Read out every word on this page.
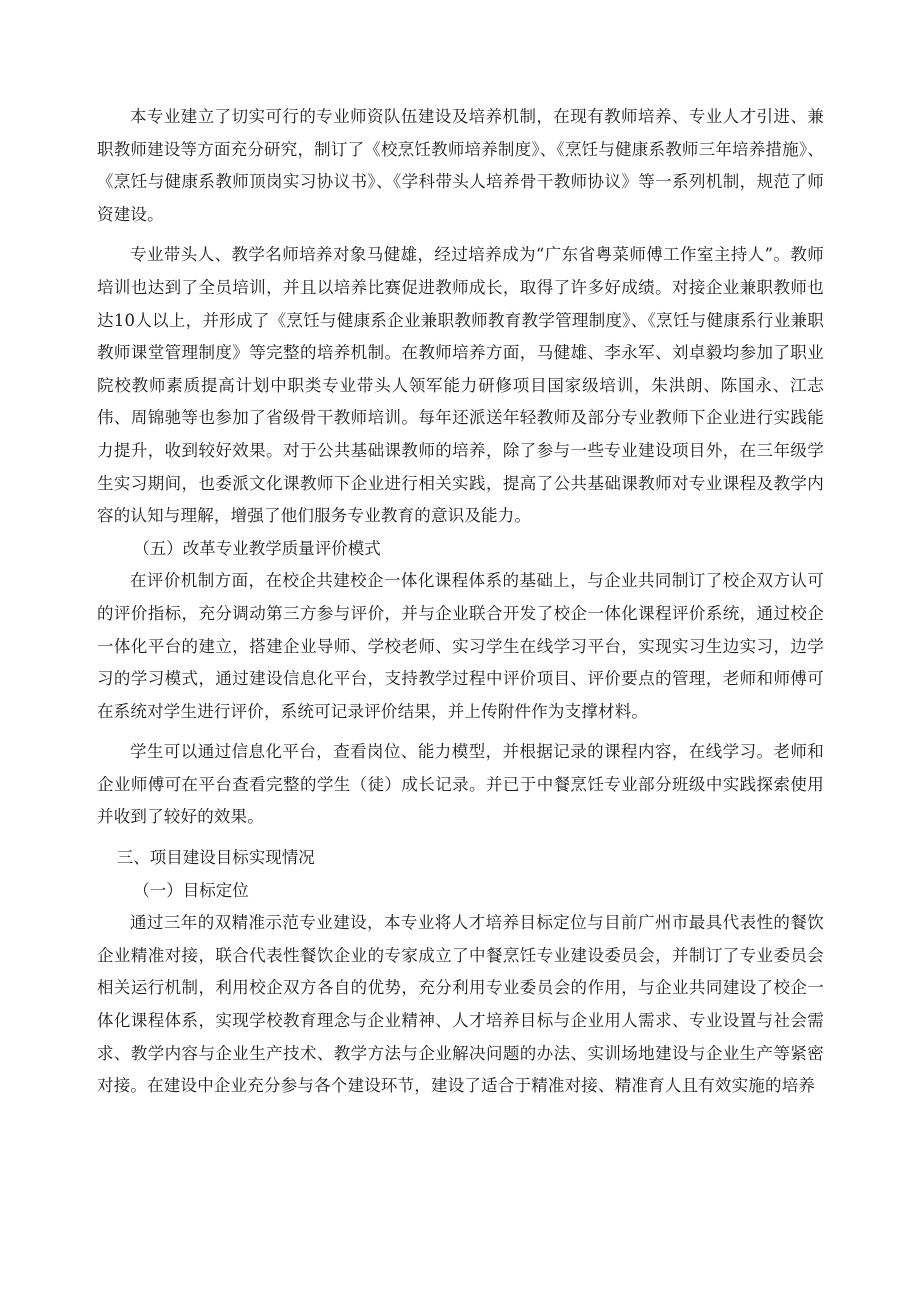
本专业建立了切实可行的专业师资队伍建设及培养机制，在现有教师培养、专业人才引进、兼职教师建设等方面充分研究，制订了《校烹饪教师培养制度》、《烹饪与健康系教师三年培养措施》、《烹饪与健康系教师顶岗实习协议书》、《学科带头人培养骨干教师协议》等一系列机制，规范了师资建设。

专业带头人、教学名师培养对象马健雄，经过培养成为“广东省粤菜师傅工作室主持人”。教师培训也达到了全员培训，并且以培养比赛促进教师成长，取得了许多好成绩。对接企业兼职教师也达10人以上，并形成了《烹饪与健康系企业兼职教师教育教学管理制度》、《烹饪与健康系行业兼职教师课堂管理制度》等完整的培养机制。在教师培养方面，马健雄、李永军、刘卓毅均参加了职业院校教师素质提高计划中职类专业带头人领军能力研修项目国家级培训，朱洪朗、陈国永、江志伟、周锦驰等也参加了省级骨干教师培训。每年还派送年轻教师及部分专业教师下企业进行实践能力提升，收到较好效果。对于公共基础课教师的培养，除了参与一些专业建设项目外，在三年级学生实习期间，也委派文化课教师下企业进行相关实践，提高了公共基础课教师对专业课程及教学内容的认知与理解，增强了他们服务专业教育的意识及能力。

（五）改革专业教学质量评价模式

在评价机制方面，在校企共建校企一体化课程体系的基础上，与企业共同制订了校企双方认可的评价指标，充分调动第三方参与评价，并与企业联合开发了校企一体化课程评价系统，通过校企一体化平台的建立，搭建企业导师、学校老师、实习学生在线学习平台，实现实习生边实习，边学习的学习模式，通过建设信息化平台，支持教学过程中评价项目、评价要点的管理，老师和师傅可在系统对学生进行评价，系统可记录评价结果，并上传附件作为支撑材料。

学生可以通过信息化平台，查看岗位、能力模型，并根据记录的课程内容，在线学习。老师和企业师傅可在平台查看完整的学生（徒）成长记录。并已于中餐烹饪专业部分班级中实践探索使用并收到了较好的效果。

三、项目建设目标实现情况
（一）目标定位

通过三年的双精准示范专业建设，本专业将人才培养目标定位与目前广州市最具代表性的餐饮企业精准对接，联合代表性餐饮企业的专家成立了中餐烹饪专业建设委员会，并制订了专业委员会相关运行机制，利用校企双方各自的优势，充分利用专业委员会的作用，与企业共同建设了校企一体化课程体系，实现学校教育理念与企业精神、人才培养目标与企业用人需求、专业设置与社会需求、教学内容与企业生产技术、教学方法与企业解决问题的办法、实训场地建设与企业生产等紧密对接。在建设中企业充分参与各个建设环节，建设了适合于精准对接、精准育人且有效实施的培养
